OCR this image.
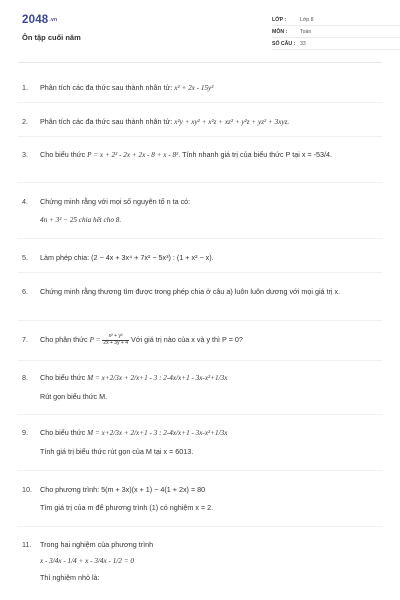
2048.vn
Ôn tập cuối năm
LỚP :	Lớp 8
MÔN : Toán
SỐ CÂU : 33
1. Phân tích các đa thức sau thành nhân tử: x² + 2x - 15y²
2. Phân tích các đa thức sau thành nhân tử: x²y + xy² + x²z + xz² + y²z + yz² + 3xyz.
3. Cho biểu thức P = x + 2² - 2x + 2x - 8 + x - 8². Tính nhanh giá trị của biểu thức P tại x = -53/4.
4. Chứng minh rằng với mọi số nguyên tố n ta có:
4n + 3² − 25 chia hết cho 8.
5. Làm phép chia: (2 − 4x + 3x⁴ + 7x² − 5x³) : (1 + x² − x).
6. Chứng minh rằng thương tìm được trong phép chia ở câu a) luôn luôn dương với mọi giá trị x.
7. Cho phân thức $P = \frac{\text{x² + y²}}{2x + 3y + 4}$ Với giá trị nào của x và y thì P = 0?
8. Cho biểu thức M = x+2/3x + 2/x+1 - 3 : 2-4x/x+1 - 3x-x²+1/3x
Rút gọn biểu thức M.
9. Cho biểu thức M = x+2/3x + 2/x+1 - 3 : 2-4x/x+1 - 3x-x²+1/3x
Tính giá trị biểu thức rút gọn của M tại x = 6013.
10. Cho phương trình: 5(m + 3x)(x + 1) − 4(1 + 2x) = 80
Tìm giá trị của m để phương trình (1) có nghiệm x = 2.
11. Trong hai nghiệm của phương trình
x - 3/4x - 1/4 + x - 3/4x - 1/2 = 0
Thì nghiệm nhỏ là:
